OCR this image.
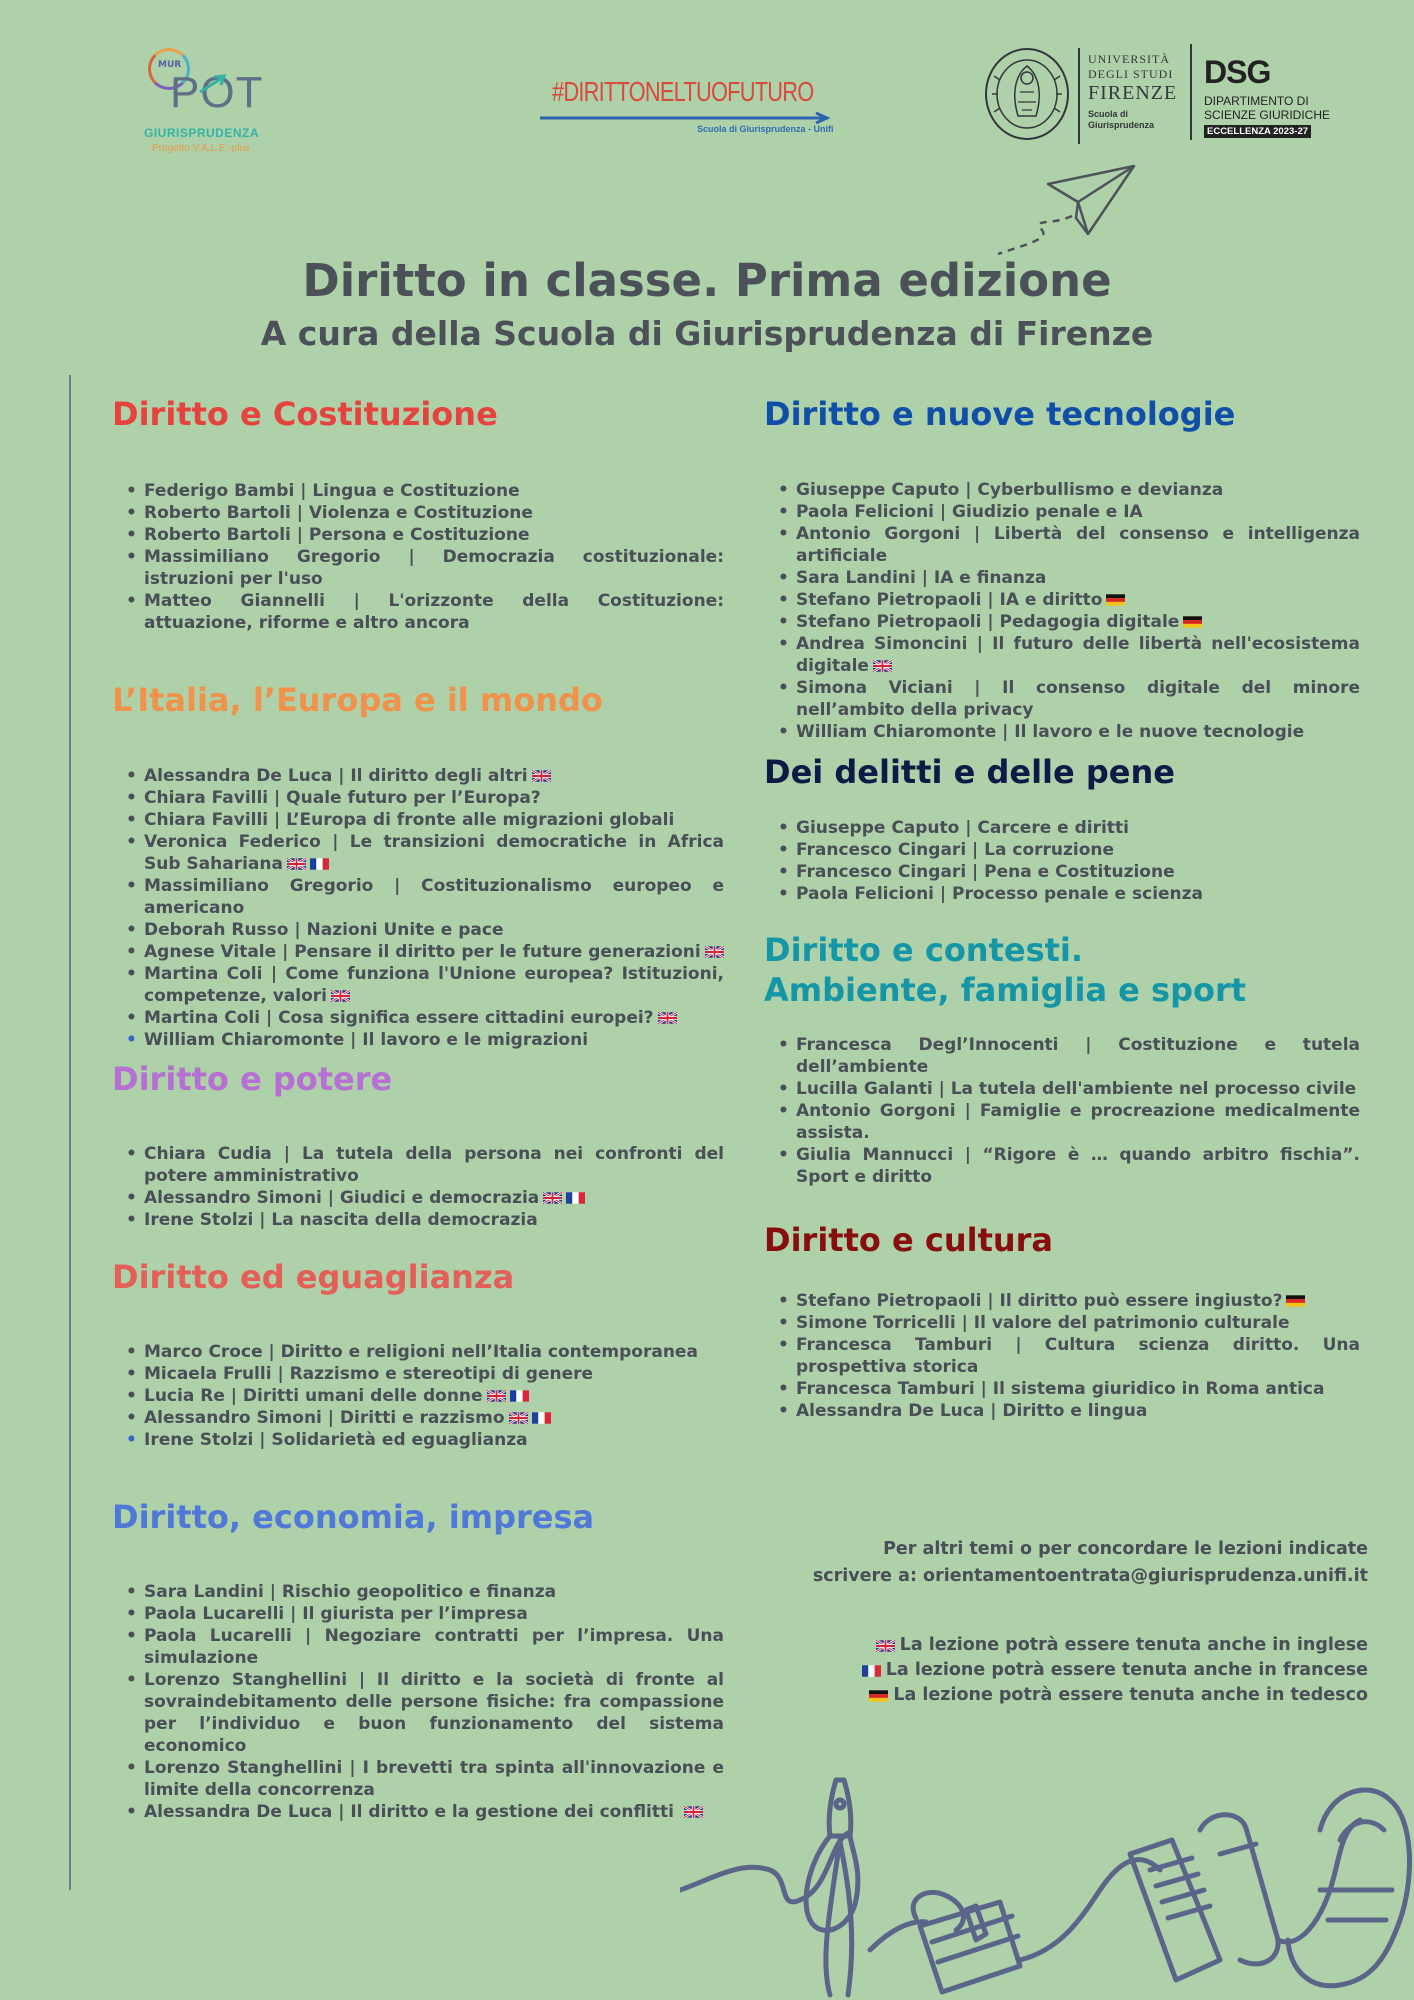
MUR
POT
GIURISPRUDENZA
Progetto V.A.L.E.-plus
#DIRITTONELTUOFUTURO
Scuola di Giurisprudenza - Unifi
UNIVERSITÀ
DEGLI STUDI
FIRENZE
Scuola di
Giurisprudenza
DSG
DIPARTIMENTO DI
SCIENZE GIURIDICHE
ECCELLENZA 2023-27
Diritto in classe. Prima edizione
A cura della Scuola di Giurisprudenza di Firenze
Diritto e Costituzione
• Federigo Bambi | Lingua e Costituzione
• Roberto Bartoli | Violenza e Costituzione
• Roberto Bartoli | Persona e Costituzione
• Massimiliano Gregorio | Democrazia costituzionale: istruzioni per l'uso
• Matteo Giannelli | L'orizzonte della Costituzione: attuazione, riforme e altro ancora
L’Italia, l’Europa e il mondo
• Alessandra De Luca | Il diritto degli altri
• Chiara Favilli | Quale futuro per l’Europa?
• Chiara Favilli | L’Europa di fronte alle migrazioni globali
• Veronica Federico | Le transizioni democratiche in Africa Sub Sahariana
• Massimiliano Gregorio | Costituzionalismo europeo e americano
• Deborah Russo | Nazioni Unite e pace
• Agnese Vitale | Pensare il diritto per le future generazioni
• Martina Coli | Come funziona l'Unione europea? Istituzioni, competenze, valori
• Martina Coli | Cosa significa essere cittadini europei?
• William Chiaromonte | Il lavoro e le migrazioni
Diritto e potere
• Chiara Cudia | La tutela della persona nei confronti del potere amministrativo
• Alessandro Simoni | Giudici e democrazia
• Irene Stolzi | La nascita della democrazia
Diritto ed eguaglianza
• Marco Croce | Diritto e religioni nell’Italia contemporanea
• Micaela Frulli | Razzismo e stereotipi di genere
• Lucia Re | Diritti umani delle donne
• Alessandro Simoni | Diritti e razzismo
• Irene Stolzi | Solidarietà ed eguaglianza
Diritto, economia, impresa
• Sara Landini | Rischio geopolitico e finanza
• Paola Lucarelli | Il giurista per l’impresa
• Paola Lucarelli | Negoziare contratti per l’impresa. Una simulazione
• Lorenzo Stanghellini | Il diritto e la società di fronte al sovraindebitamento delle persone fisiche: fra compassione per l’individuo e buon funzionamento del sistema economico
• Lorenzo Stanghellini | I brevetti tra spinta all'innovazione e limite della concorrenza
• Alessandra De Luca | Il diritto e la gestione dei conflitti
Diritto e nuove tecnologie
• Giuseppe Caputo | Cyberbullismo e devianza
• Paola Felicioni | Giudizio penale e IA
• Antonio Gorgoni | Libertà del consenso e intelligenza artificiale
• Sara Landini | IA e finanza
• Stefano Pietropaoli | IA e diritto
• Stefano Pietropaoli | Pedagogia digitale
• Andrea Simoncini | Il futuro delle libertà nell'ecosistema digitale
• Simona Viciani | Il consenso digitale del minore nell’ambito della privacy
• William Chiaromonte | Il lavoro e le nuove tecnologie
Dei delitti e delle pene
• Giuseppe Caputo | Carcere e diritti
• Francesco Cingari | La corruzione
• Francesco Cingari | Pena e Costituzione
• Paola Felicioni | Processo penale e scienza
Diritto e contesti.
Ambiente, famiglia e sport
• Francesca Degl’Innocenti | Costituzione e tutela dell’ambiente
• Lucilla Galanti | La tutela dell'ambiente nel processo civile
• Antonio Gorgoni | Famiglie e procreazione medicalmente assista.
• Giulia Mannucci | “Rigore è … quando arbitro fischia”. Sport e diritto
Diritto e cultura
• Stefano Pietropaoli | Il diritto può essere ingiusto?
• Simone Torricelli | Il valore del patrimonio culturale
• Francesca Tamburi | Cultura scienza diritto. Una prospettiva storica
• Francesca Tamburi | Il sistema giuridico in Roma antica
• Alessandra De Luca | Diritto e lingua
Per altri temi o per concordare le lezioni indicate
scrivere a: orientamentoentrata@giurisprudenza.unifi.it
La lezione potrà essere tenuta anche in inglese
La lezione potrà essere tenuta anche in francese
La lezione potrà essere tenuta anche in tedesco
